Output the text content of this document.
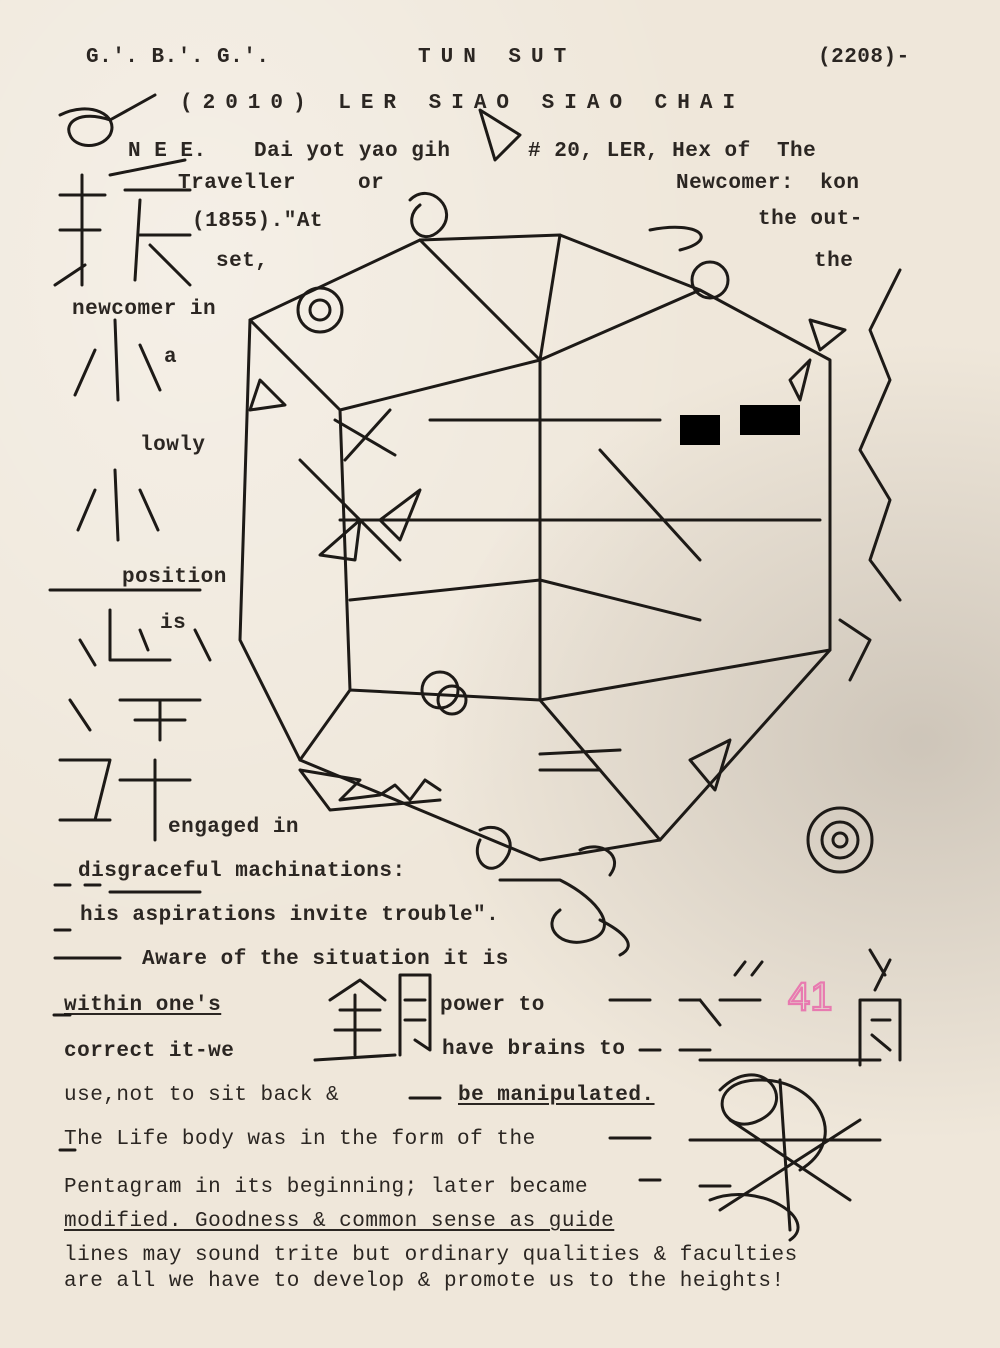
G.'. B.'. G.'.	TUN SUT	(2208)-
(2010) LER SIAO SIAO CHAI
N E E. Dai yot yao gih	# 20, LER, Hex of  The
Traveller	or	Newcomer:  kon
(1855)."At	the out-
set,	the
newcomer in
a
lowly
position
is
engaged in
disgraceful machinations:
his aspirations invite trouble".
Aware of the situation it is
within one's	power to
correct it-we	have brains to
use,not to sit back &	be manipulated.
The Life body was in the form of the
Pentagram in its beginning; later became
modified. Goodness & common sense as guide
lines may sound trite but ordinary qualities & faculties
are all we have to develop & promote us to the heights!
41
